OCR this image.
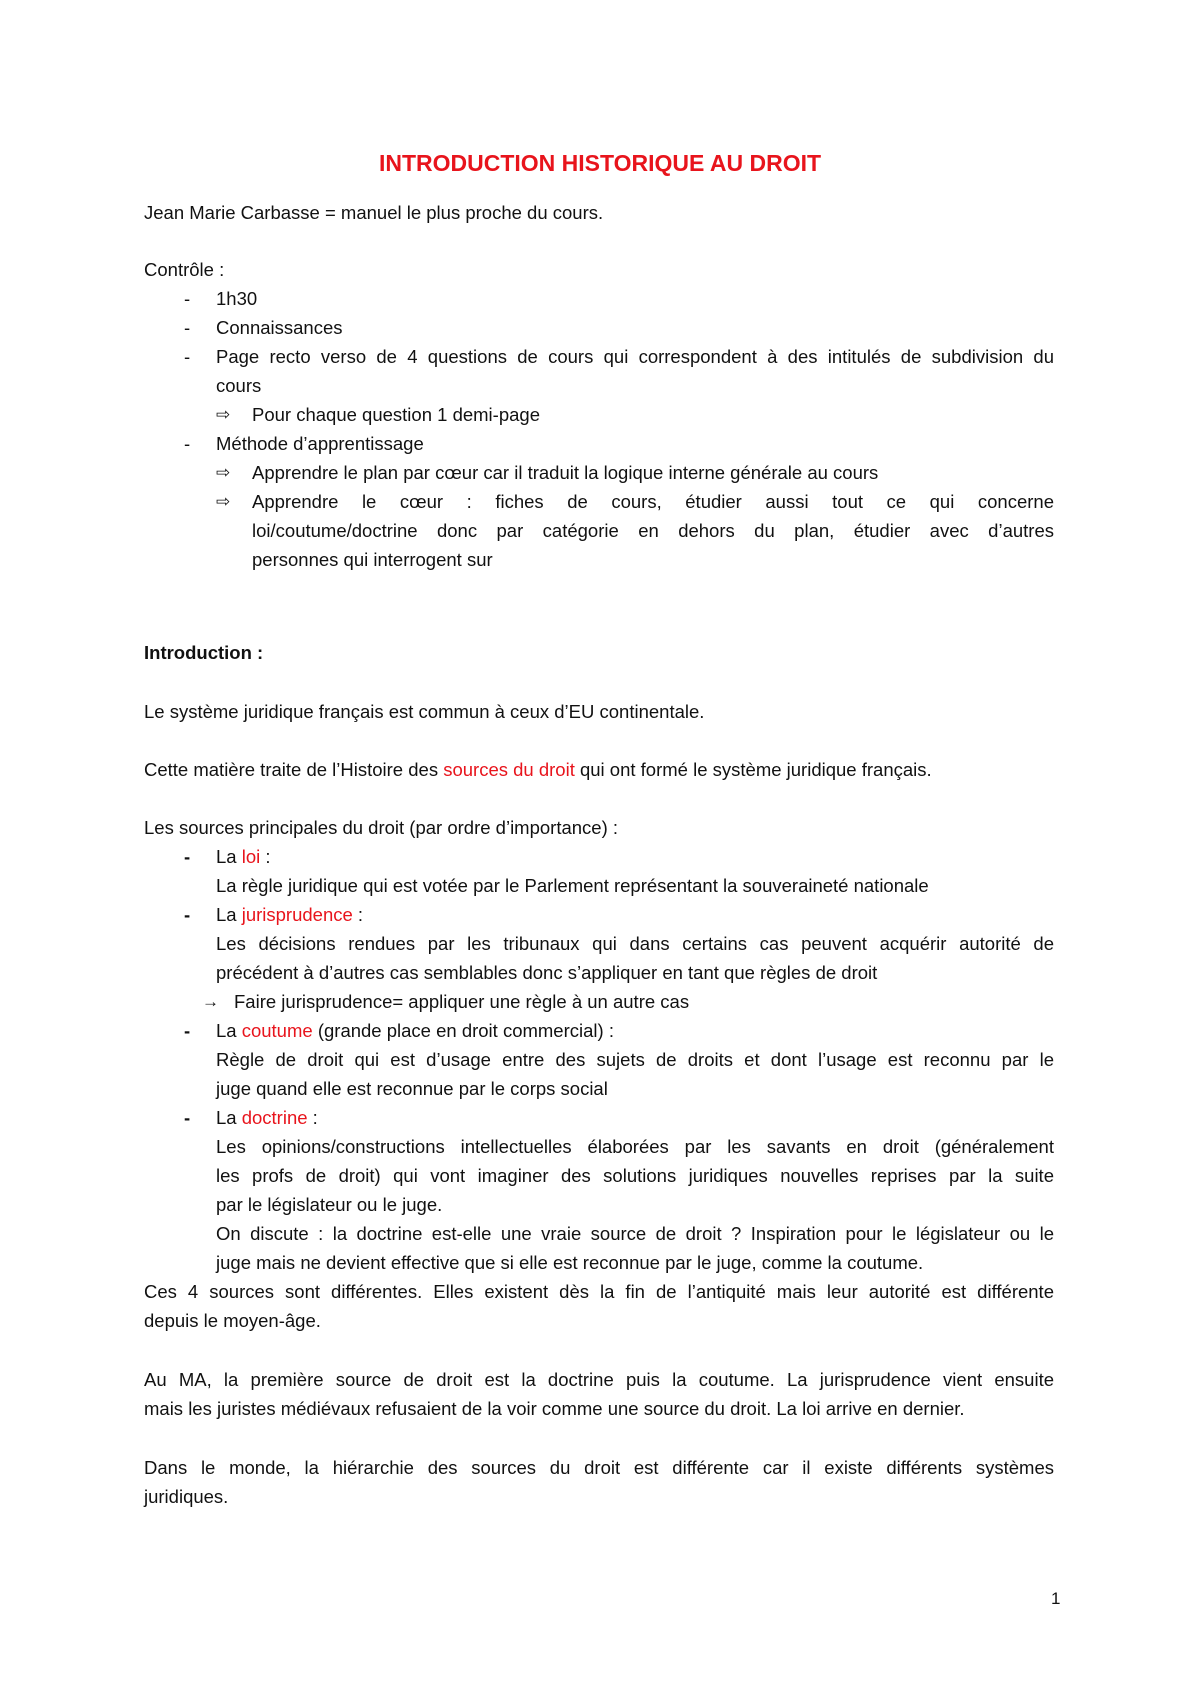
INTRODUCTION HISTORIQUE AU DROIT
Jean Marie Carbasse = manuel le plus proche du cours.
Contrôle :
- 1h30
- Connaissances
- Page recto verso de 4 questions de cours qui correspondent à des intitulés de subdivision du
cours
⇨ Pour chaque question 1 demi-page
- Méthode d’apprentissage
⇨ Apprendre le plan par cœur car il traduit la logique interne générale au cours
⇨ Apprendre le cœur : fiches de cours, étudier aussi tout ce qui concerne
loi/coutume/doctrine donc par catégorie en dehors du plan, étudier avec d’autres
personnes qui interrogent sur
Introduction :
Le système juridique français est commun à ceux d’EU continentale.
Cette matière traite de l’Histoire des sources du droit qui ont formé le système juridique français.
Les sources principales du droit (par ordre d’importance) :
- La loi :
La règle juridique qui est votée par le Parlement représentant la souveraineté nationale
- La jurisprudence :
Les décisions rendues par les tribunaux qui dans certains cas peuvent acquérir autorité de
précédent à d’autres cas semblables donc s’appliquer en tant que règles de droit
→ Faire jurisprudence= appliquer une règle à un autre cas
- La coutume (grande place en droit commercial) :
Règle de droit qui est d’usage entre des sujets de droits et dont l’usage est reconnu par le
juge quand elle est reconnue par le corps social
- La doctrine :
Les opinions/constructions intellectuelles élaborées par les savants en droit (généralement
les profs de droit) qui vont imaginer des solutions juridiques nouvelles reprises par la suite
par le législateur ou le juge.
On discute : la doctrine est-elle une vraie source de droit ? Inspiration pour le législateur ou le
juge mais ne devient effective que si elle est reconnue par le juge, comme la coutume.
Ces 4 sources sont différentes. Elles existent dès la fin de l’antiquité mais leur autorité est différente
depuis le moyen-âge.
Au MA, la première source de droit est la doctrine puis la coutume. La jurisprudence vient ensuite
mais les juristes médiévaux refusaient de la voir comme une source du droit. La loi arrive en dernier.
Dans le monde, la hiérarchie des sources du droit est différente car il existe différents systèmes
juridiques.
1
